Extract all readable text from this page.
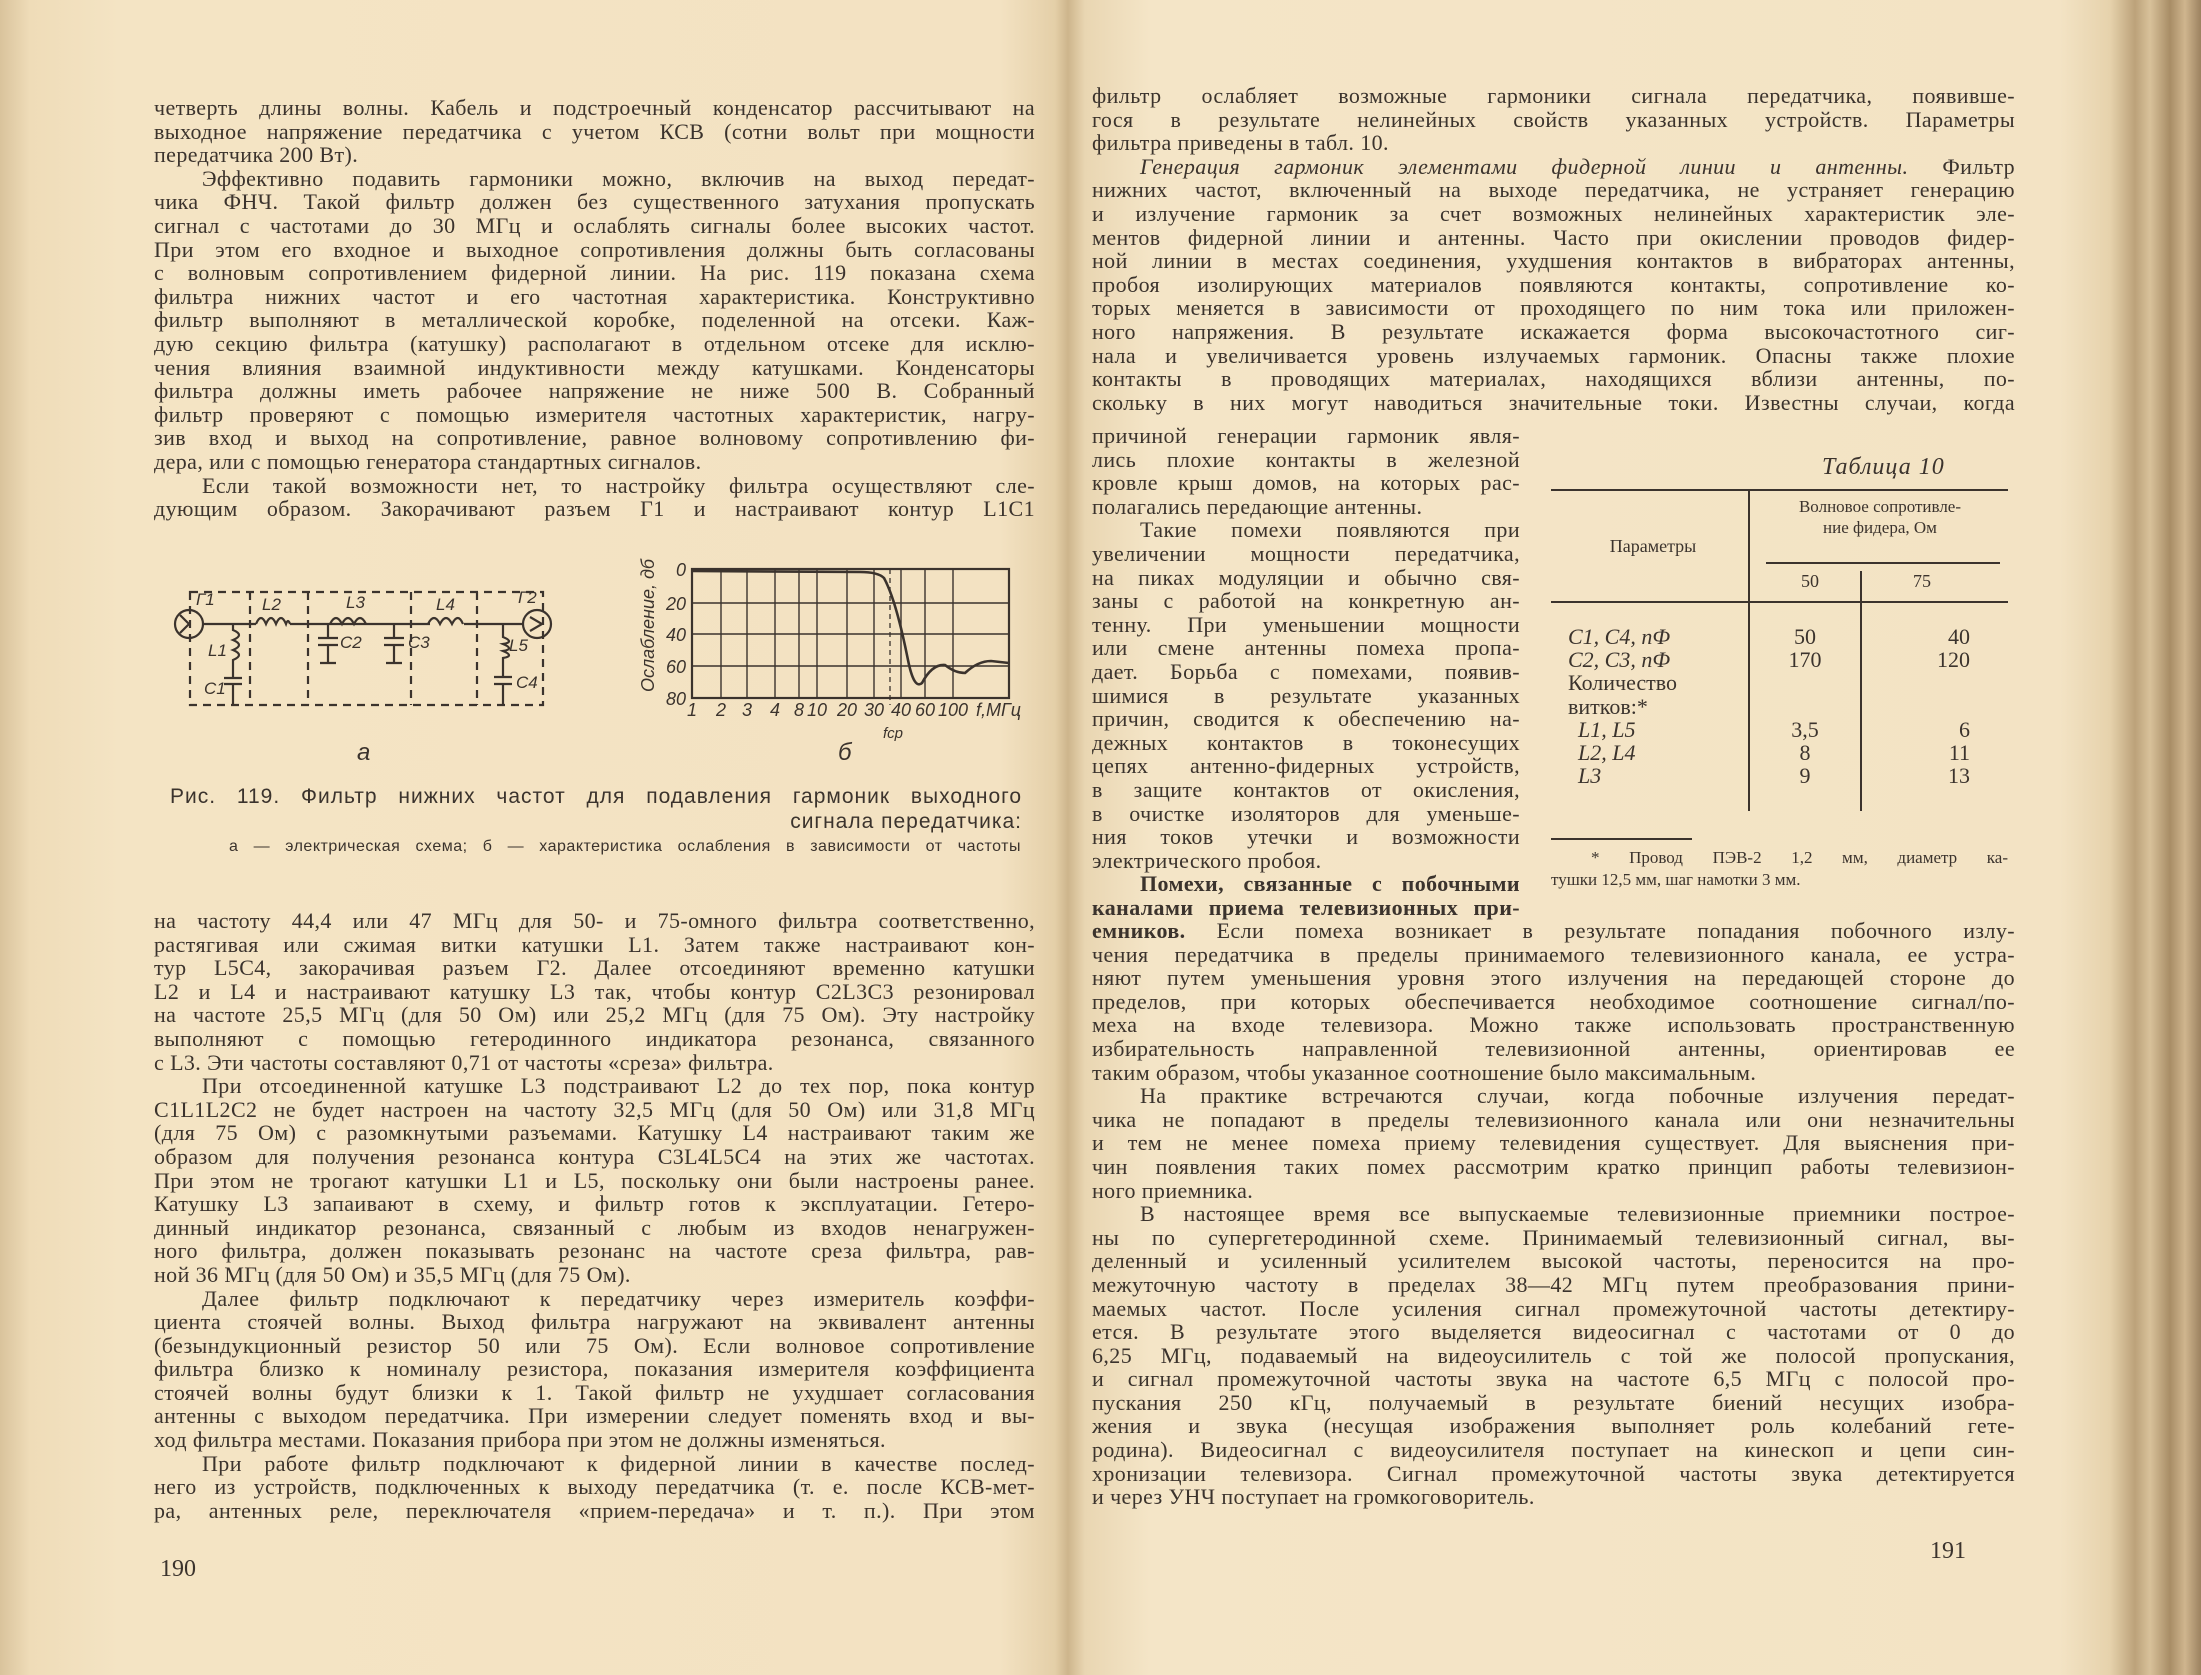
четверть длины волны. Кабель и подстроечный конденсатор рассчитывают на
выходное напряжение передатчика с учетом КСВ (сотни вольт при мощности
передатчика 200 Вт).
Эффективно подавить гармоники можно, включив на выход передат-
чика ФНЧ. Такой фильтр должен без существенного затухания пропускать
сигнал с частотами до 30 МГц и ослаблять сигналы более высоких частот.
При этом его входное и выходное сопротивления должны быть согласованы
с волновым сопротивлением фидерной линии. На рис. 119 показана схема
фильтра нижних частот и его частотная характеристика. Конструктивно
фильтр выполняют в металлической коробке, поделенной на отсеки. Каж-
дую секцию фильтра (катушку) располагают в отдельном отсеке для исклю-
чения влияния взаимной индуктивности между катушками. Конденсаторы
фильтра должны иметь рабочее напряжение не ниже 500 В. Собранный
фильтр проверяют с помощью измерителя частотных характеристик, нагру-
зив вход и выход на сопротивление, равное волновому сопротивлению фи-
дера, или с помощью генератора стандартных сигналов.
Если такой возможности нет, то настройку фильтра осуществляют сле-
дующим образом. Закорачивают разъем Г1 и настраивают контур L1C1
на частоту 44,4 или 47 МГц для 50- и 75-омного фильтра соответственно,
растягивая или сжимая витки катушки L1. Затем также настраивают кон-
тур L5C4, закорачивая разъем Г2. Далее отсоединяют временно катушки
L2 и L4 и настраивают катушку L3 так, чтобы контур C2L3C3 резонировал
на частоте 25,5 МГц (для 50 Ом) или 25,2 МГц (для 75 Ом). Эту настройку
выполняют с помощью гетеродинного индикатора резонанса, связанного
с L3. Эти частоты составляют 0,71 от частоты «среза» фильтра.
При отсоединенной катушке L3 подстраивают L2 до тех пор, пока контур
C1L1L2C2 не будет настроен на частоту 32,5 МГц (для 50 Ом) или 31,8 МГц
(для 75 Ом) с разомкнутыми разъемами. Катушку L4 настраивают таким же
образом для получения резонанса контура C3L4L5C4 на этих же частотах.
При этом не трогают катушки L1 и L5, поскольку они были настроены ранее.
Катушку L3 запаивают в схему, и фильтр готов к эксплуатации. Гетеро-
динный индикатор резонанса, связанный с любым из входов ненагружен-
ного фильтра, должен показывать резонанс на частоте среза фильтра, рав-
ной 36 МГц (для 50 Ом) и 35,5 МГц (для 75 Ом).
Далее фильтр подключают к передатчику через измеритель коэффи-
циента стоячей волны. Выход фильтра нагружают на эквивалент антенны
(безындукционный резистор 50 или 75 Ом). Если волновое сопротивление
фильтра близко к номиналу резистора, показания измерителя коэффициента
стоячей волны будут близки к 1. Такой фильтр не ухудшает согласования
антенны с выходом передатчика. При измерении следует поменять вход и вы-
ход фильтра местами. Показания прибора при этом не должны изменяться.
При работе фильтр подключают к фидерной линии в качестве послед-
него из устройств, подключенных к выходу передатчика (т. е. после КСВ-мет-
ра, антенных реле, переключателя «прием-передача» и т. п.). При этом
190
Г1	Г2
L2	L3	L4
L1	L5
C1
C2	C3
C4	Ослабление, дб
f,МГц
fср
0
20
40
60
80
1 2 3 4 8 10 20 30 40 60 100
а	б
Рис. 119. Фильтр нижних частот для подавления гармоник выходного
сигнала передатчика:
а — электрическая схема; б — характеристика ослабления в зависимости от частоты
фильтр ослабляет возможные гармоники сигнала передатчика, появивше-
гося в результате нелинейных свойств указанных устройств. Параметры
фильтра приведены в табл. 10.
Генерация гармоник элементами фидерной линии и антенны. Фильтр
нижних частот, включенный на выходе передатчика, не устраняет генерацию
и излучение гармоник за счет возможных нелинейных характеристик эле-
ментов фидерной линии и антенны. Часто при окислении проводов фидер-
ной линии в местах соединения, ухудшения контактов в вибраторах антенны,
пробоя изолирующих материалов появляются контакты, сопротивление ко-
торых меняется в зависимости от проходящего по ним тока или приложен-
ного напряжения. В результате искажается форма высокочастотного сиг-
нала и увеличивается уровень излучаемых гармоник. Опасны также плохие
контакты в проводящих материалах, находящихся вблизи антенны, по-
скольку в них могут наводиться значительные токи. Известны случаи, когда
причиной генерации гармоник явля-
лись плохие контакты в железной
кровле крыш домов, на которых рас-
полагались передающие антенны.
Такие помехи появляются при
увеличении мощности передатчика,
на пиках модуляции и обычно свя-
заны с работой на конкретную ан-
тенну. При уменьшении мощности
или смене антенны помеха пропа-
дает. Борьба с помехами, появив-
шимися в результате указанных
причин, сводится к обеспечению на-
дежных контактов в токонесущих
цепях антенно-фидерных устройств,
в защите контактов от окисления,
в очистке изоляторов для уменьше-
ния токов утечки и возможности
электрического пробоя.
Помехи, связанные с побочными
каналами приема телевизионных при-
емников. Если помеха возникает в результате попадания побочного излу-
чения передатчика в пределы принимаемого телевизионного канала, ее устра-
няют путем уменьшения уровня этого излучения на передающей стороне до
пределов, при которых обеспечивается необходимое соотношение сигнал/по-
меха на входе телевизора. Можно также использовать пространственную
избирательность направленной телевизионной антенны, ориентировав ее
таким образом, чтобы указанное соотношение было максимальным.
На практике встречаются случаи, когда побочные излучения передат-
чика не попадают в пределы телевизионного канала или они незначительны
и тем не менее помеха приему телевидения существует. Для выяснения при-
чин появления таких помех рассмотрим кратко принцип работы телевизион-
ного приемника.
В настоящее время все выпускаемые телевизионные приемники построе-
ны по супергетеродинной схеме. Принимаемый телевизионный сигнал, вы-
деленный и усиленный усилителем высокой частоты, переносится на про-
межуточную частоту в пределах 38—42 МГц путем преобразования прини-
маемых частот. После усиления сигнал промежуточной частоты детектиру-
ется. В результате этого выделяется видеосигнал с частотами от 0 до
6,25 МГц, подаваемый на видеоусилитель с той же полосой пропускания,
и сигнал промежуточной частоты звука на частоте 6,5 МГц с полосой про-
пускания 250 кГц, получаемый в результате биений несущих изобра-
жения и звука (несущая изображения выполняет роль колебаний гете-
родина). Видеосигнал с видеоусилителя поступает на кинескоп и цепи син-
хронизации телевизора. Сигнал промежуточной частоты звука детектируется
и через УНЧ поступает на громкоговоритель.
Таблица 10
Параметры
Волновое сопротивле-
ние фидера, Ом
50	75
C1, C4, пФ	50	40
C2, C3, пФ	170	120
Количество
витков:*
L1, L5	3,5	6
L2, L4	8	11
L3	9	13
* Провод ПЭВ-2 1,2 мм, диаметр ка-
тушки 12,5 мм, шаг намотки 3 мм.
191
